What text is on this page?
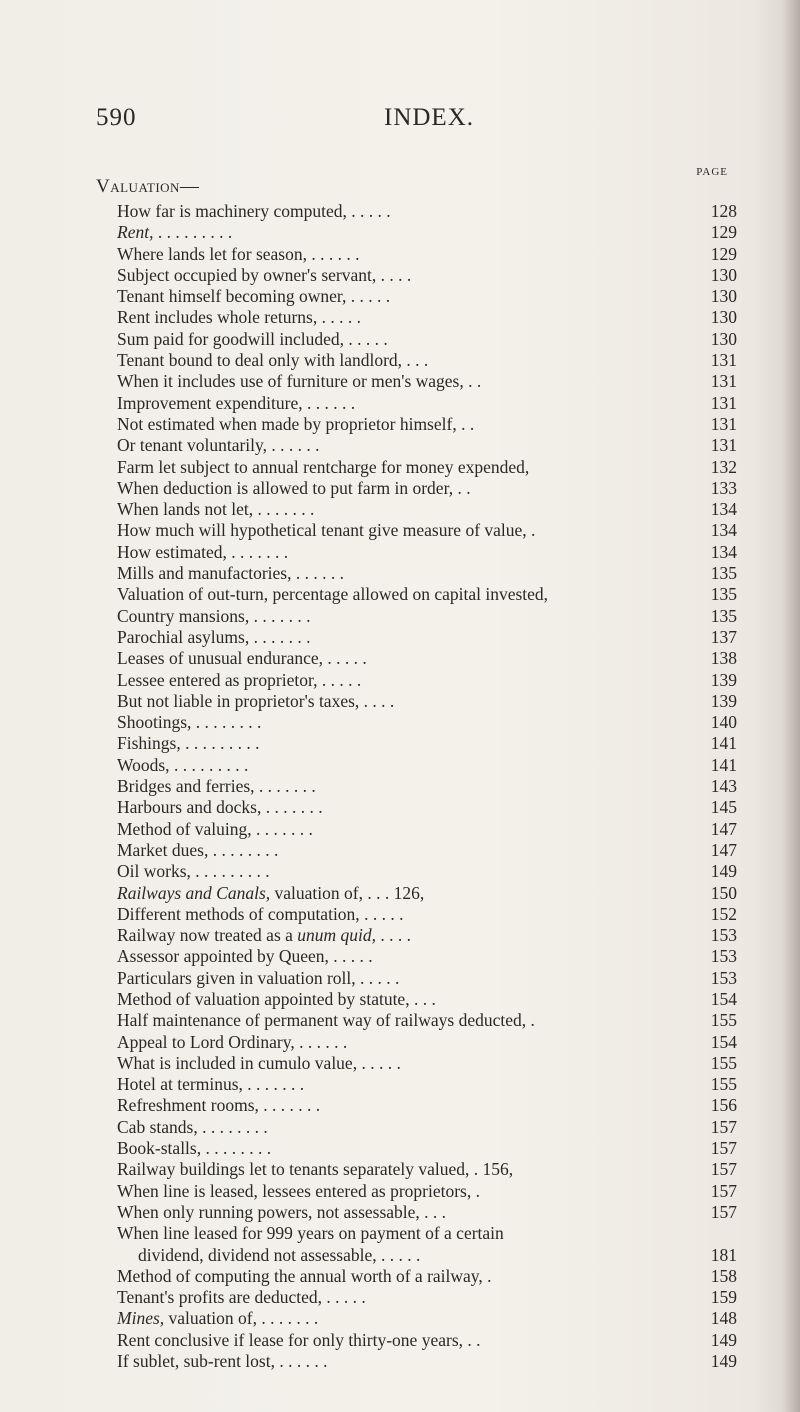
590	INDEX.
PAGE
Valuation—
How far is machinery computed, . . . . .	128
Rent, . . . . . . . . .	129
Where lands let for season, . . . . . .	129
Subject occupied by owner's servant, . . . .	130
Tenant himself becoming owner, . . . . .	130
Rent includes whole returns, . . . . .	130
Sum paid for goodwill included, . . . . .	130
Tenant bound to deal only with landlord, . . .	131
When it includes use of furniture or men's wages, . .	131
Improvement expenditure, . . . . . .	131
Not estimated when made by proprietor himself, . .	131
Or tenant voluntarily, . . . . . .	131
Farm let subject to annual rentcharge for money expended,	132
When deduction is allowed to put farm in order, . .	133
When lands not let, . . . . . . .	134
How much will hypothetical tenant give measure of value, .	134
How estimated, . . . . . . .	134
Mills and manufactories, . . . . . .	135
Valuation of out-turn, percentage allowed on capital invested,	135
Country mansions, . . . . . . .	135
Parochial asylums, . . . . . . .	137
Leases of unusual endurance, . . . . .	138
Lessee entered as proprietor, . . . . .	139
But not liable in proprietor's taxes, . . . .	139
Shootings, . . . . . . . .	140
Fishings, . . . . . . . . .	141
Woods, . . . . . . . . .	141
Bridges and ferries, . . . . . . .	143
Harbours and docks, . . . . . . .	145
Method of valuing, . . . . . . .	147
Market dues, . . . . . . . .	147
Oil works, . . . . . . . . .	149
Railways and Canals, valuation of, . . . 126,	150
Different methods of computation, . . . . .	152
Railway now treated as a unum quid, . . . .	153
Assessor appointed by Queen, . . . . .	153
Particulars given in valuation roll, . . . . .	153
Method of valuation appointed by statute, . . .	154
Half maintenance of permanent way of railways deducted, .	155
Appeal to Lord Ordinary, . . . . . .	154
What is included in cumulo value, . . . . .	155
Hotel at terminus, . . . . . . .	155
Refreshment rooms, . . . . . . .	156
Cab stands, . . . . . . . .	157
Book-stalls, . . . . . . . .	157
Railway buildings let to tenants separately valued, . 156,	157
When line is leased, lessees entered as proprietors, .	157
When only running powers, not assessable, . . .	157
When line leased for 999 years on payment of a certain
dividend, dividend not assessable, . . . . .	181
Method of computing the annual worth of a railway, .	158
Tenant's profits are deducted, . . . . .	159
Mines, valuation of, . . . . . . .	148
Rent conclusive if lease for only thirty-one years, . .	149
If sublet, sub-rent lost, . . . . . .	149
